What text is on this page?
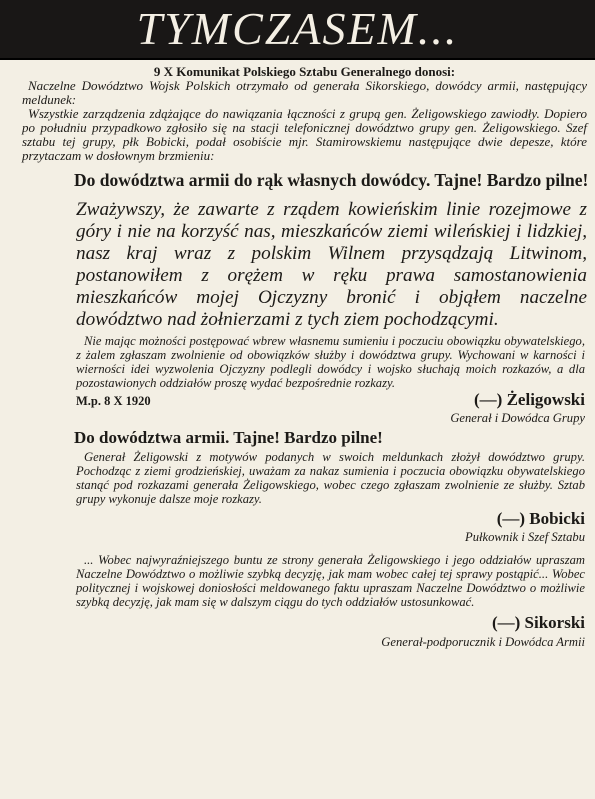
TYMCZASEM...
9 X Komunikat Polskiego Sztabu Generalnego donosi:
Naczelne Dowództwo Wojsk Polskich otrzymało od generała Sikorskiego, dowódcy armii, następujący meldunek:
Wszystkie zarządzenia zdążające do nawiązania łączności z grupą gen. Żeligowskiego zawiodły. Dopiero po południu przypadkowo zgłosiło się na stacji telefonicznej dowództwo grupy gen. Żeligowskiego. Szef sztabu tej grupy, płk Bobicki, podał osobiście mjr. Stamirowskiemu następujące dwie depesze, które przytaczam w dosłownym brzmieniu:
Do dowództwa armii do rąk własnych dowódcy. Tajne! Bardzo pilne!
Zważywszy, że zawarte z rządem kowieńskim linie rozejmowe z góry i nie na korzyść nas, mieszkańców ziemi wileńskiej i lidzkiej, nasz kraj wraz z polskim Wilnem przysądzają Litwinom, postanowiłem z orężem w ręku prawa samostanowienia mieszkańców mojej Ojczyzny bronić i objąłem naczelne dowództwo nad żołnierzami z tych ziem pochodzącymi.
Nie mając możności postępować wbrew własnemu sumieniu i poczuciu obowiązku obywatelskiego, z żalem zgłaszam zwolnienie od obowiązków służby i dowództwa grupy. Wychowani w karności i wierności idei wyzwolenia Ojczyzny podlegli dowódcy i wojsko słuchają moich rozkazów, a dla pozostawionych oddziałów proszę wydać bezpośrednie rozkazy.
M.p. 8 X 1920	(—) Żeligowski
Generał i Dowódca Grupy
Do dowództwa armii. Tajne! Bardzo pilne!
Generał Żeligowski z motywów podanych w swoich meldunkach złożył dowództwo grupy. Pochodząc z ziemi grodzieńskiej, uważam za nakaz sumienia i poczucia obowiązku obywatelskiego stanąć pod rozkazami generała Żeligowskiego, wobec czego zgłaszam zwolnienie ze służby. Sztab grupy wykonuje dalsze moje rozkazy.
(—) Bobicki
Pułkownik i Szef Sztabu
... Wobec najwyraźniejszego buntu ze strony generała Żeligowskiego i jego oddziałów upraszam Naczelne Dowództwo o możliwie szybką decyzję, jak mam wobec całej tej sprawy postąpić... Wobec politycznej i wojskowej doniosłości meldowanego faktu upraszam Naczelne Dowództwo o możliwie szybką decyzję, jak mam się w dalszym ciągu do tych oddziałów ustosunkować.
(—) Sikorski
Generał-podporucznik i Dowódca Armii
